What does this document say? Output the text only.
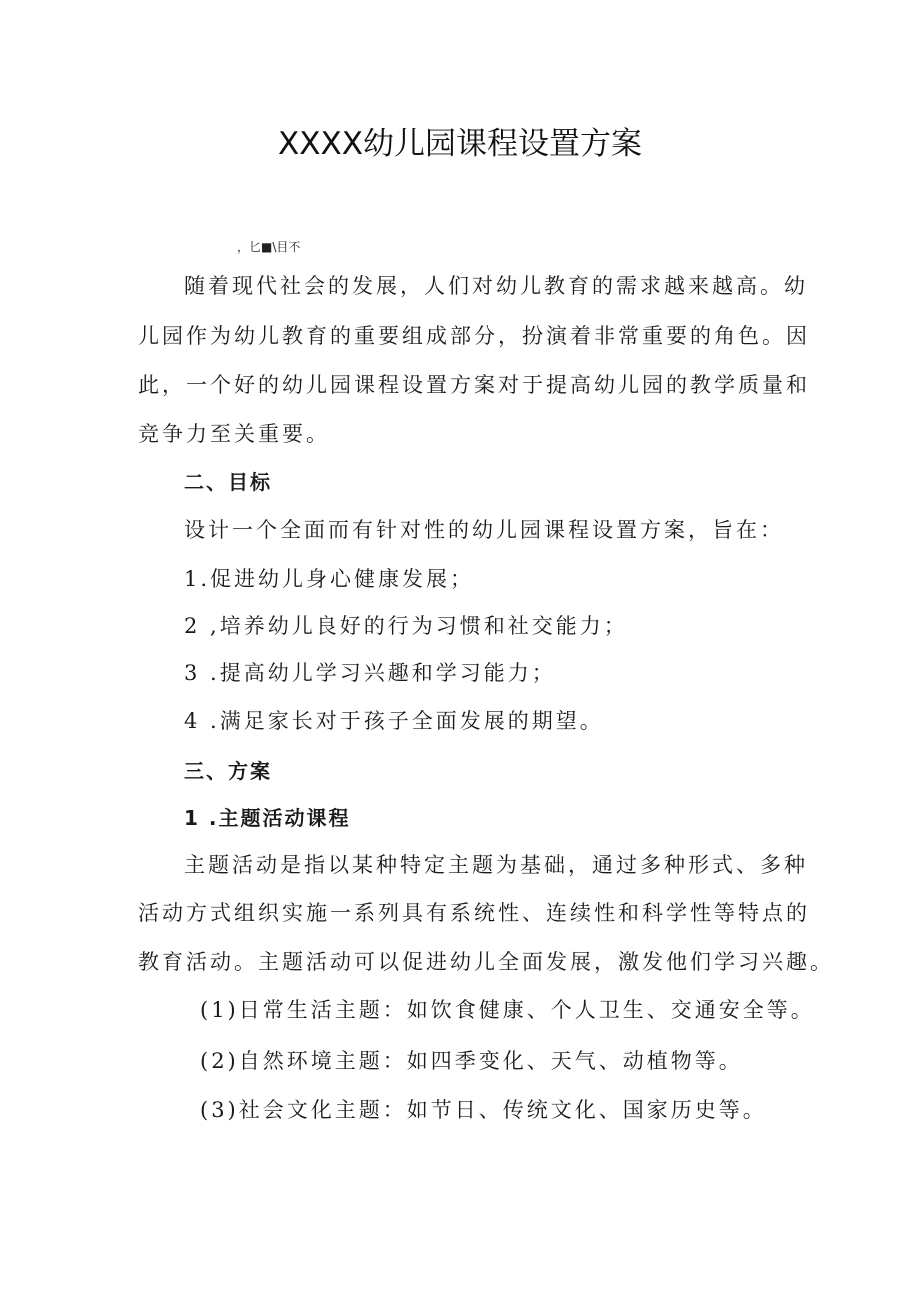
XXXX幼儿园课程设置方案
，匕■\目不
随着现代社会的发展，人们对幼儿教育的需求越来越高。幼
儿园作为幼儿教育的重要组成部分，扮演着非常重要的角色。因
此，一个好的幼儿园课程设置方案对于提高幼儿园的教学质量和
竞争力至关重要。
二、目标
设计一个全面而有针对性的幼儿园课程设置方案，旨在：
1.促进幼儿身心健康发展；
2 ,培养幼儿良好的行为习惯和社交能力；
3 .提高幼儿学习兴趣和学习能力；
4 .满足家长对于孩子全面发展的期望。
三、方案
1 .主题活动课程
主题活动是指以某种特定主题为基础，通过多种形式、多种
活动方式组织实施一系列具有系统性、连续性和科学性等特点的
教育活动。主题活动可以促进幼儿全面发展，激发他们学习兴趣。
(1)日常生活主题：如饮食健康、个人卫生、交通安全等。
(2)自然环境主题：如四季变化、天气、动植物等。
(3)社会文化主题：如节日、传统文化、国家历史等。
